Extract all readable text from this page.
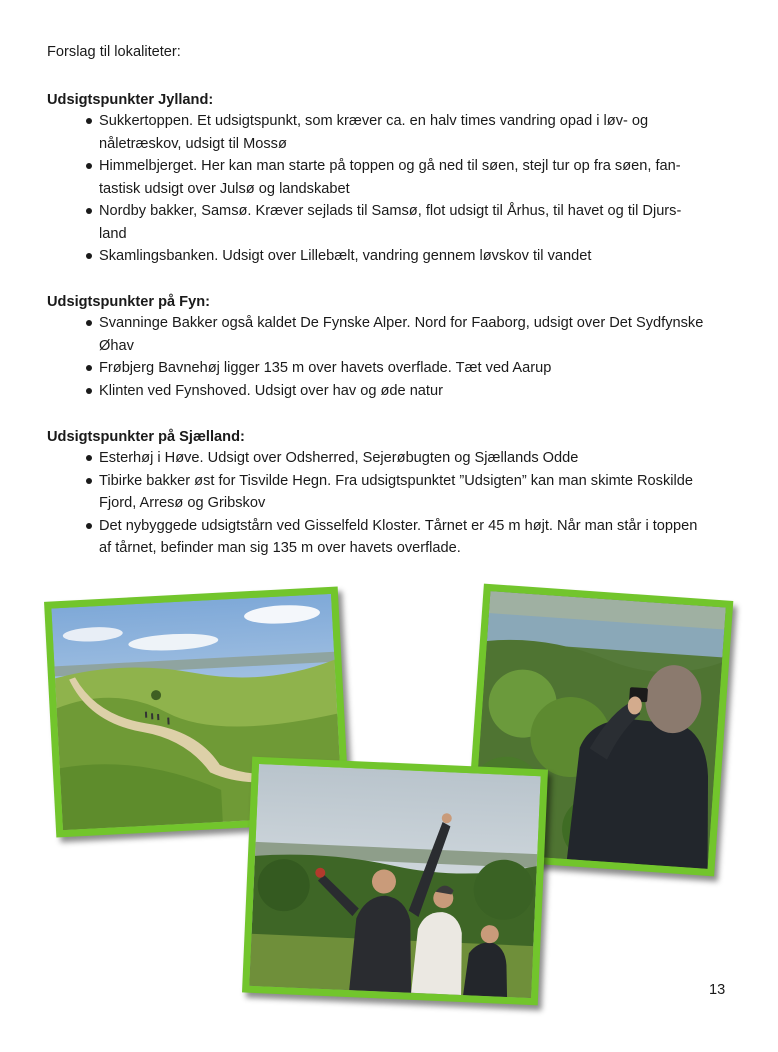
Forslag til lokaliteter:
Udsigtspunkter Jylland:
Sukkertoppen. Et udsigtspunkt, som kræver ca. en halv times vandring opad i løv- og
nåletræskov, udsigt til Mossø
Himmelbjerget. Her kan man starte på toppen og gå ned til søen, stejl tur op fra søen, fan-
tastisk udsigt over Julsø og landskabet
Nordby bakker, Samsø. Kræver sejlads til Samsø, flot udsigt til Århus, til havet og til Djurs-
land
Skamlingsbanken. Udsigt over Lillebælt, vandring gennem løvskov til vandet
Udsigtspunkter på Fyn:
Svanninge Bakker også kaldet De Fynske Alper. Nord for Faaborg, udsigt over Det Sydfynske
Øhav
Frøbjerg Bavnehøj ligger 135 m over havets overflade. Tæt ved Aarup
Klinten ved Fynshoved. Udsigt over hav og øde natur
Udsigtspunkter på Sjælland:
Esterhøj i Høve. Udsigt over Odsherred, Sejerøbugten og Sjællands Odde
Tibirke bakker øst for Tisvilde Hegn. Fra udsigtspunktet ”Udsigten” kan man skimte Roskilde
Fjord, Arresø og Gribskov
Det nybyggede udsigtstårn ved Gisselfeld Kloster. Tårnet er 45 m højt. Når man står i toppen
af tårnet, befinder man sig 135 m over havets overflade.
13
